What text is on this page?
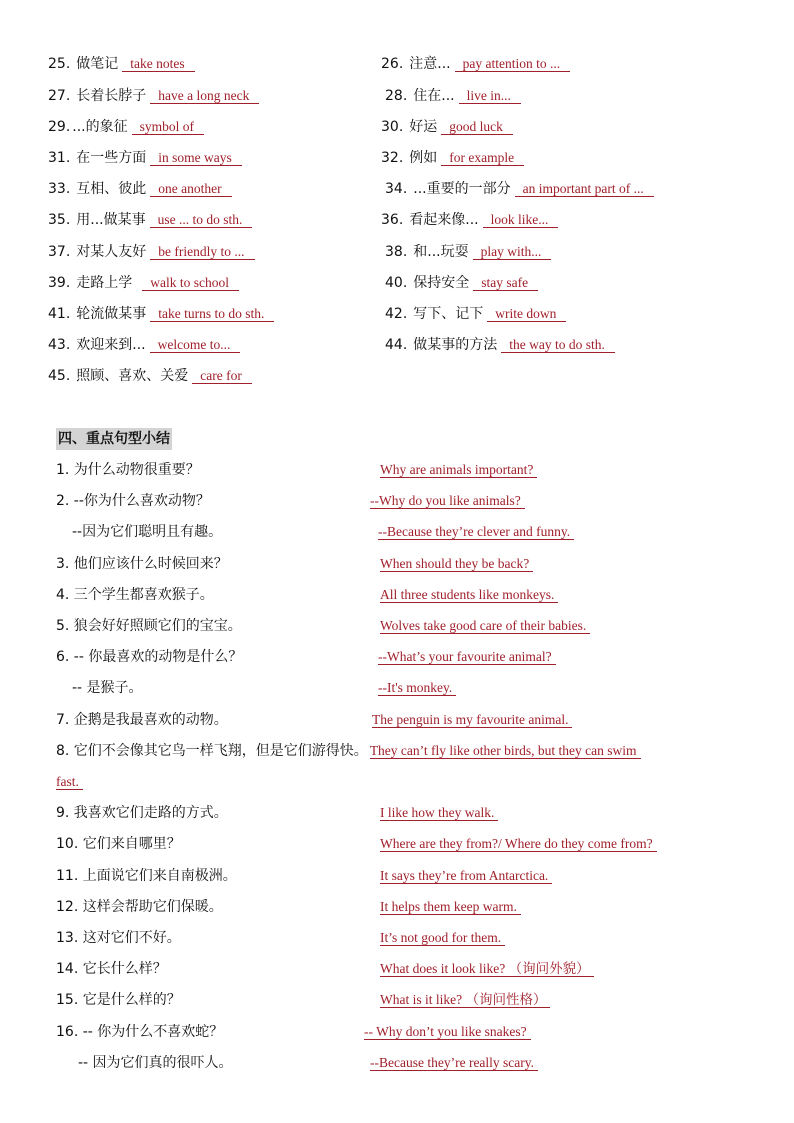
25. 做笔记 take notes	26. 注意... pay attention to ...
27. 长着长脖子 have a long neck	28. 住在... live in...
29. ...的象征 symbol of	30. 好运 good luck
31. 在一些方面 in some ways	32. 例如 for example
33. 互相、彼此 one another	34. ...重要的一部分 an important part of ...
35. 用...做某事 use ... to do sth.	36. 看起来像... look like...
37. 对某人友好 be friendly to ...	38. 和...玩耍 play with...
39. 走路上学 walk to school	40. 保持安全 stay safe
41. 轮流做某事 take turns to do sth.	42. 写下、记下 write down
43. 欢迎来到... welcome to...	44. 做某事的方法 the way to do sth.
45. 照顾、喜欢、关爱 care for
四、重点句型小结
1. 为什么动物很重要？	Why are animals important?
2. --你为什么喜欢动物？	--Why do you like animals?
--因为它们聪明且有趣。	--Because they’re clever and funny.
3. 他们应该什么时候回来？	When should they be back?
4. 三个学生都喜欢猴子。	All three students like monkeys.
5. 狼会好好照顾它们的宝宝。	Wolves take good care of their babies.
6. -- 你最喜欢的动物是什么？	--What’s your favourite animal?
-- 是猴子。	--It's monkey.
7. 企鹅是我最喜欢的动物。	The penguin is my favourite animal.
8. 它们不会像其它鸟一样飞翔，但是它们游得快。 They can’t fly like other birds, but they can swim
fast.
9. 我喜欢它们走路的方式。	I like how they walk.
10. 它们来自哪里？	Where are they from?/ Where do they come from?
11. 上面说它们来自南极洲。	It says they’re from Antarctica.
12. 这样会帮助它们保暖。	It helps them keep warm.
13. 这对它们不好。	It’s not good for them.
14. 它长什么样？	What does it look like? （询问外貌）
15. 它是什么样的？	What is it like? （询问性格）
16. -- 你为什么不喜欢蛇？	-- Why don’t you like snakes?
-- 因为它们真的很吓人。	--Because they’re really scary.
